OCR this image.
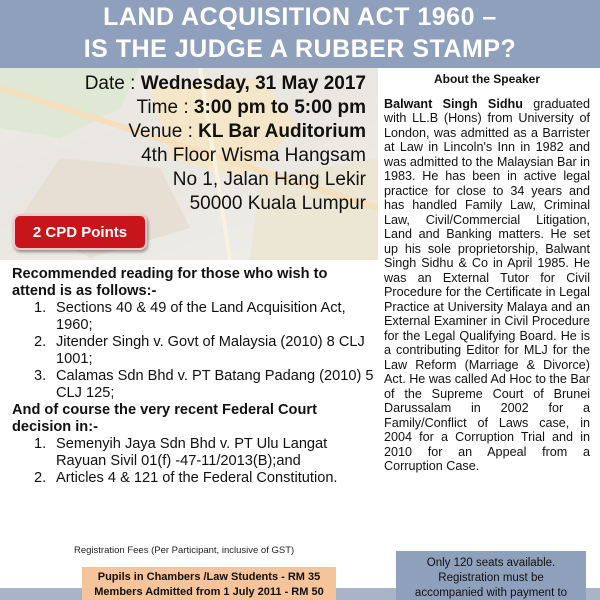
LAND ACQUISITION ACT 1960 –
IS THE JUDGE A RUBBER STAMP?
Date : Wednesday, 31 May 2017
Time : 3:00 pm to 5:00 pm
Venue : KL Bar Auditorium
4th Floor Wisma Hangsam
No 1, Jalan Hang Lekir
50000 Kuala Lumpur
2 CPD Points
Recommended reading for those who wish to attend is as follows:-
1. Sections 40 & 49 of the Land Acquisition Act, 1960;
2. Jitender Singh v. Govt of Malaysia (2010) 8 CLJ 1001;
3. Calamas Sdn Bhd v. PT Batang Padang (2010) 5 CLJ 125;
And of course the very recent Federal Court decision in:-
1. Semenyih Jaya Sdn Bhd v. PT Ulu Langat Rayuan Sivil 01(f) -47-11/2013(B);and
2. Articles 4 & 121 of the Federal Constitution.
About the Speaker
Balwant Singh Sidhu graduated with LL.B (Hons) from University of London, was admitted as a Barrister at Law in Lincoln's Inn in 1982 and was admitted to the Malaysian Bar in 1983. He has been in active legal practice for close to 34 years and has handled Family Law, Criminal Law, Civil/Commercial Litigation, Land and Banking matters. He set up his sole proprietorship, Balwant Singh Sidhu & Co in April 1985. He was an External Tutor for Civil Procedure for the Certificate in Legal Practice at University Malaya and an External Examiner in Civil Procedure for the Legal Qualifying Board. He is a contributing Editor for MLJ for the Law Reform (Marriage & Divorce) Act. He was called Ad Hoc to the Bar of the Supreme Court of Brunei Darussalam in 2002 for a Family/Conflict of Laws case, in 2004 for a Corruption Trial and in 2010 for an Appeal from a Corruption Case.
Registration Fees (Per Participant, inclusive of GST)
Pupils in Chambers /Law Students - RM 35
Members Admitted from 1 July 2011 - RM 50
Only 120 seats available.
Registration must be
accompanied with payment to
